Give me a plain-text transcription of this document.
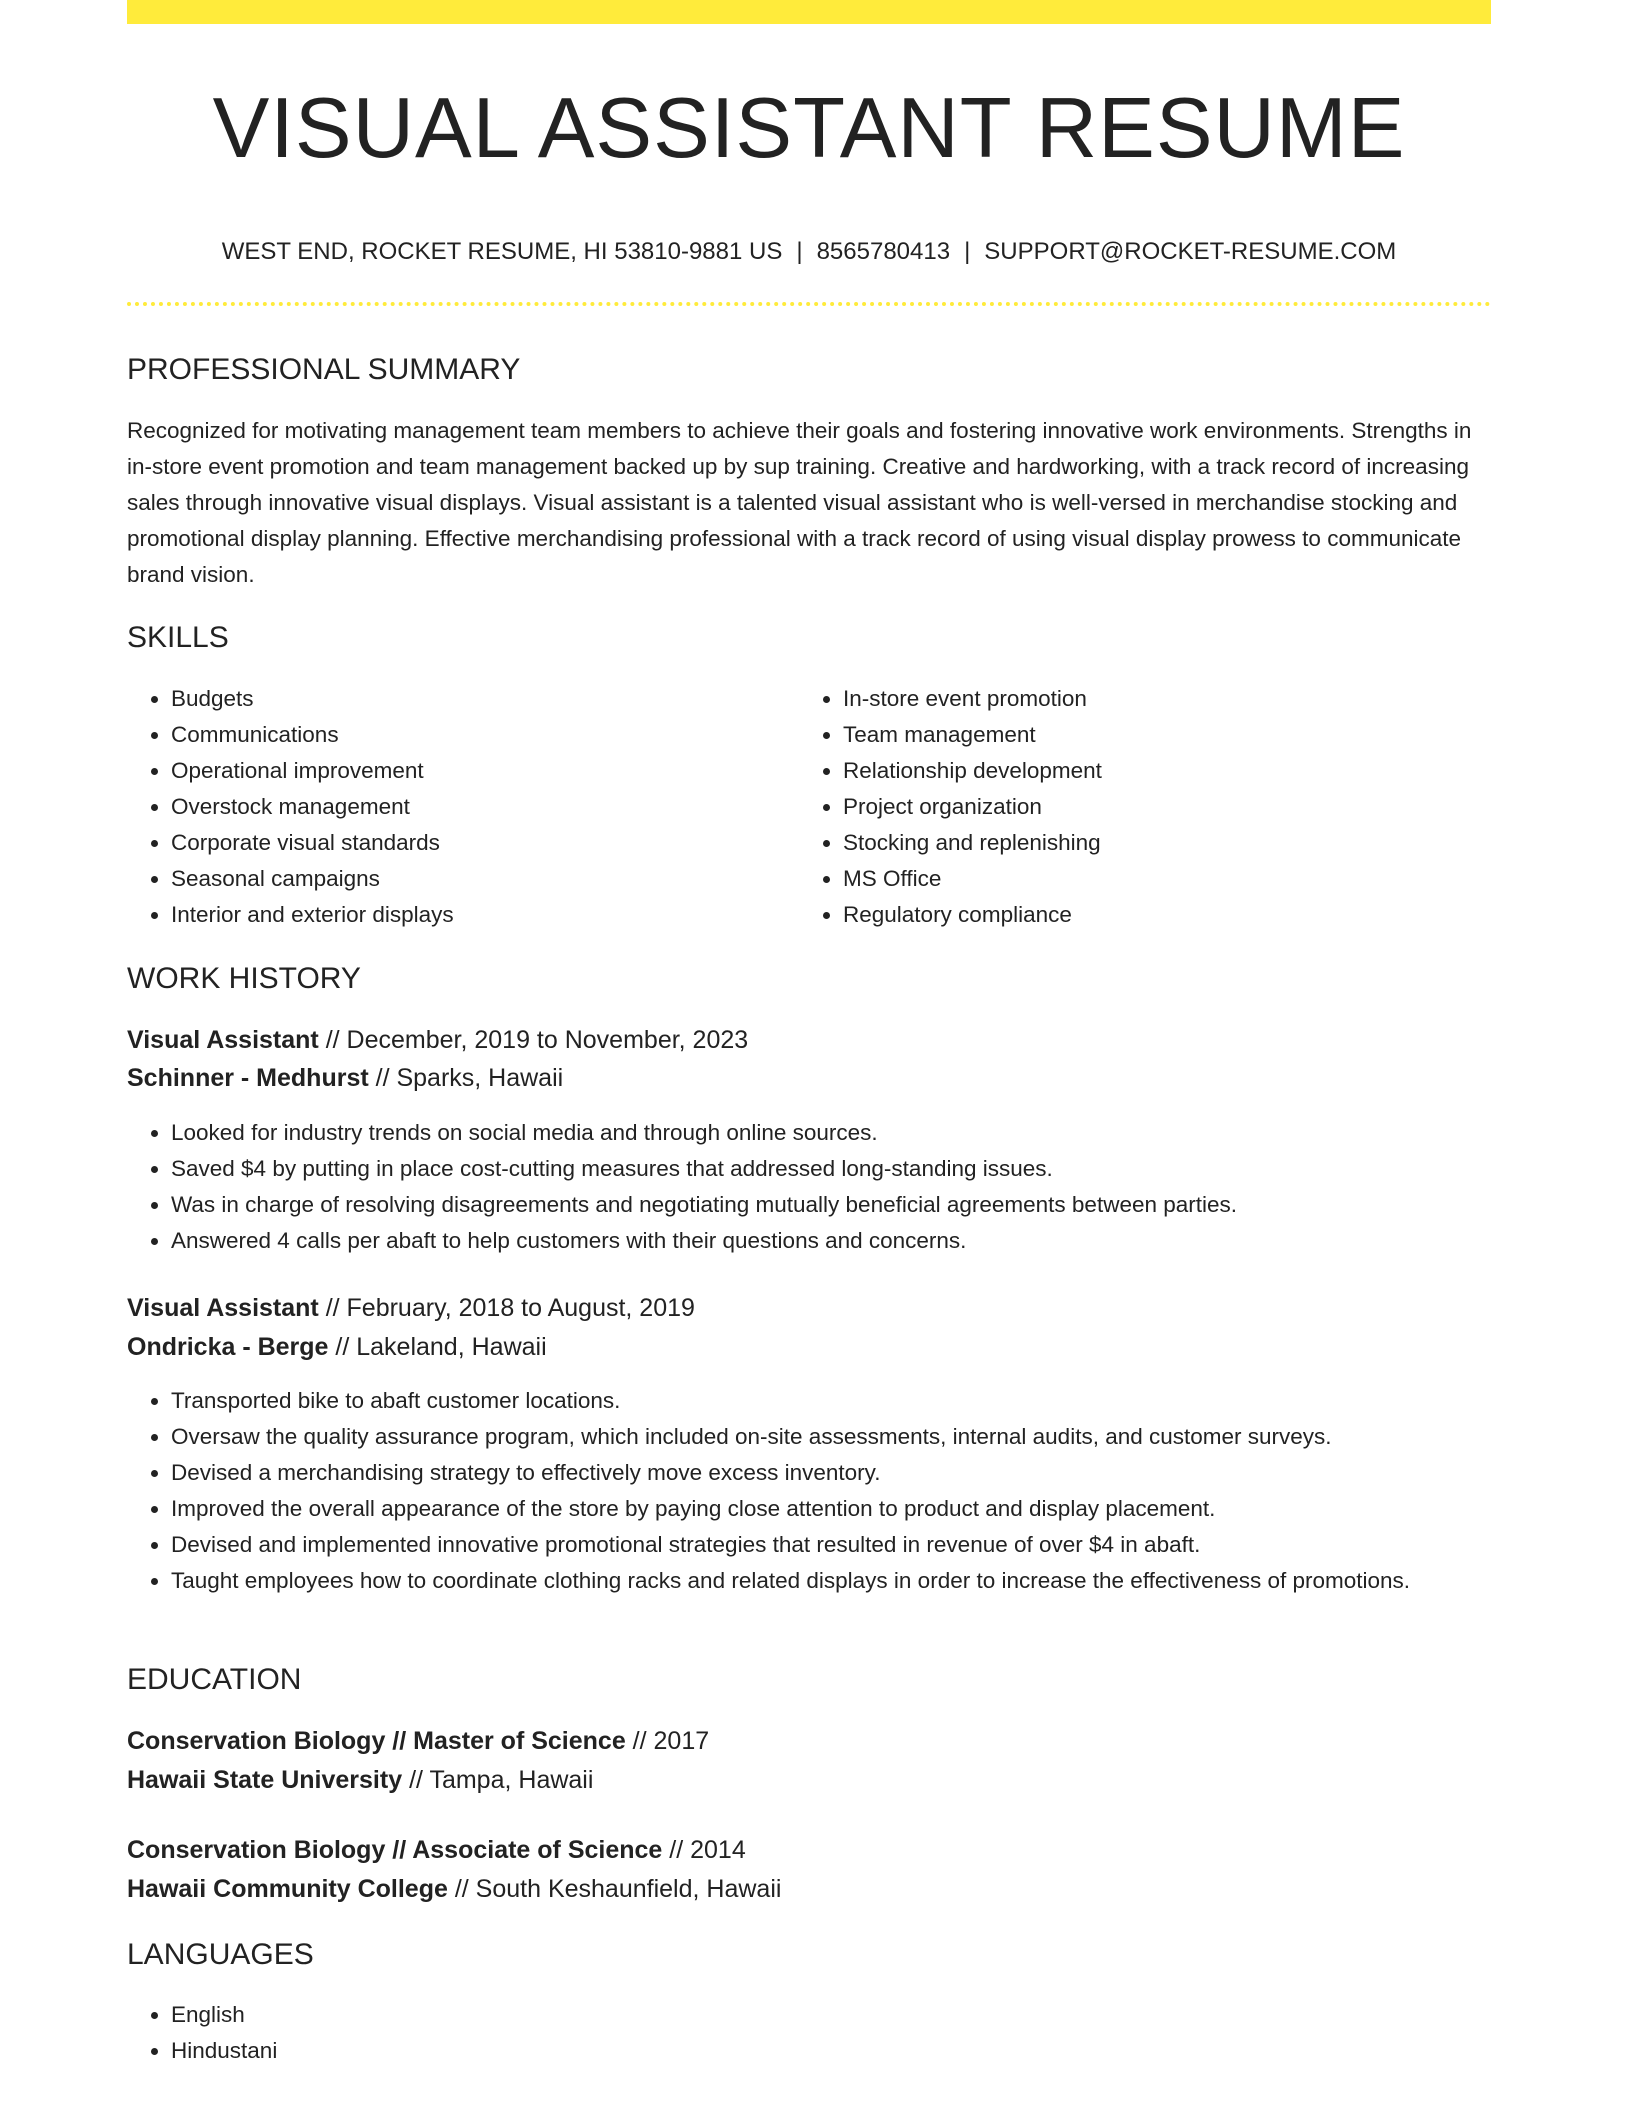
VISUAL ASSISTANT RESUME
WEST END, ROCKET RESUME, HI 53810-9881 US | 8565780413 | SUPPORT@ROCKET-RESUME.COM
PROFESSIONAL SUMMARY

Recognized for motivating management team members to achieve their goals and fostering innovative work environments. Strengths in in-store event promotion and team management backed up by sup training. Creative and hardworking, with a track record of increasing sales through innovative visual displays. Visual assistant is a talented visual assistant who is well-versed in merchandise stocking and promotional display planning. Effective merchandising professional with a track record of using visual display prowess to communicate brand vision.

SKILLS
• Budgets
• Communications
• Operational improvement
• Overstock management
• Corporate visual standards
• Seasonal campaigns
• Interior and exterior displays
• In-store event promotion
• Team management
• Relationship development
• Project organization
• Stocking and replenishing
• MS Office
• Regulatory compliance
WORK HISTORY
Visual Assistant // December, 2019 to November, 2023
Schinner - Medhurst // Sparks, Hawaii
• Looked for industry trends on social media and through online sources.
• Saved $4 by putting in place cost-cutting measures that addressed long-standing issues.
• Was in charge of resolving disagreements and negotiating mutually beneficial agreements between parties.
• Answered 4 calls per abaft to help customers with their questions and concerns.
Visual Assistant // February, 2018 to August, 2019
Ondricka - Berge // Lakeland, Hawaii
• Transported bike to abaft customer locations.
• Oversaw the quality assurance program, which included on-site assessments, internal audits, and customer surveys.
• Devised a merchandising strategy to effectively move excess inventory.
• Improved the overall appearance of the store by paying close attention to product and display placement.
• Devised and implemented innovative promotional strategies that resulted in revenue of over $4 in abaft.
• Taught employees how to coordinate clothing racks and related displays in order to increase the effectiveness of promotions.
EDUCATION
Conservation Biology // Master of Science // 2017
Hawaii State University // Tampa, Hawaii
Conservation Biology // Associate of Science // 2014
Hawaii Community College // South Keshaunfield, Hawaii
LANGUAGES
• English
• Hindustani
